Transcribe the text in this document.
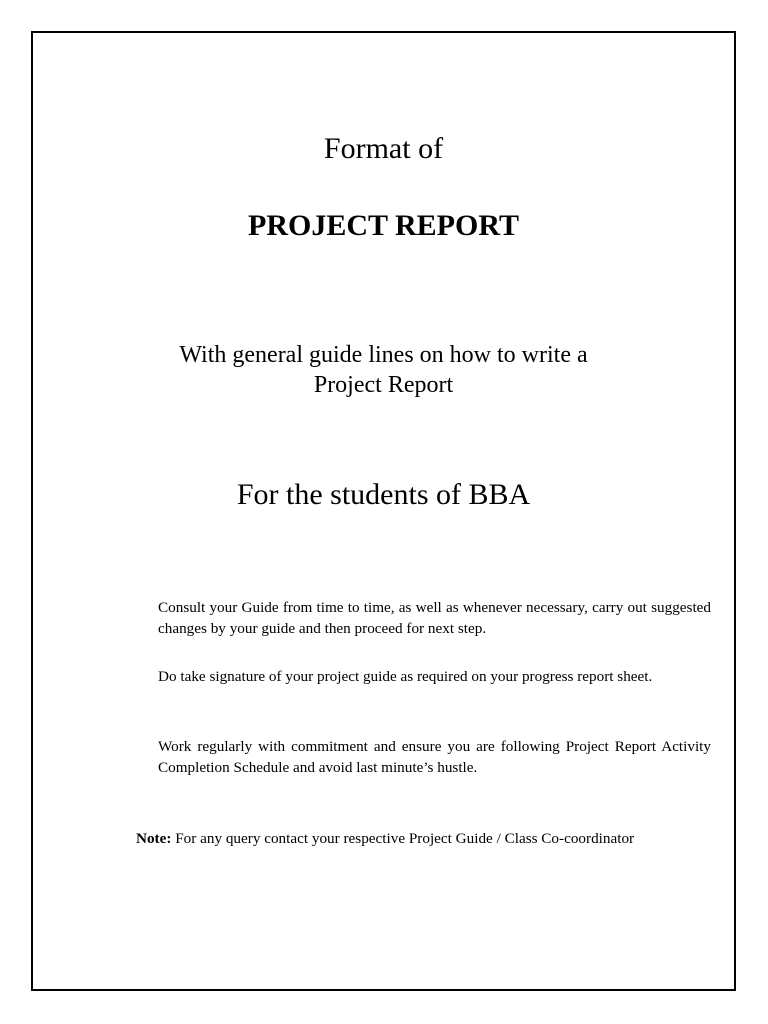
Format of
PROJECT REPORT
With general guide lines on how to write a
Project Report
For the students of BBA

Consult your Guide from time to time, as well as whenever necessary, carry out suggested changes by your guide and then proceed for next step.

Do take signature of your project guide as required on your progress report sheet.

Work regularly with commitment and ensure you are following Project Report Activity Completion Schedule and avoid last minute’s hustle.

Note: For any query contact your respective Project Guide / Class Co-coordinator
